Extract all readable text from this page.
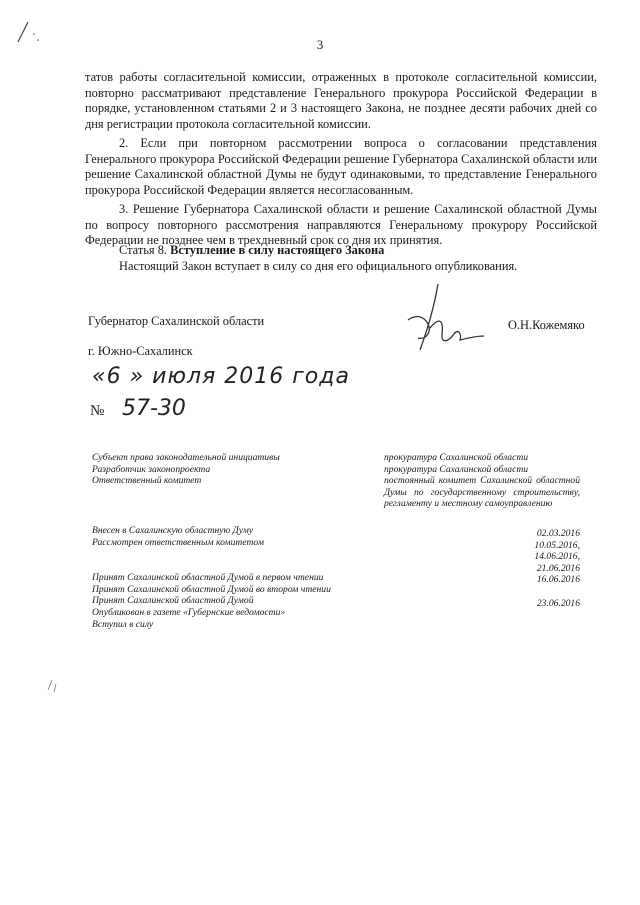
3

татов работы согласительной комиссии, отраженных в протоколе согласительной комиссии, повторно рассматривают представление Генерального прокурора Российской Федерации в порядке, установленном статьями 2 и 3 настоящего Закона, не позднее десяти рабочих дней со дня регистрации протокола согласительной комиссии.

2. Если при повторном рассмотрении вопроса о согласовании представления Генерального прокурора Российской Федерации решение Губернатора Сахалинской области или решение Сахалинской областной Думы не будут одинаковыми, то представление Генерального прокурора Российской Федерации является несогласованным.

3. Решение Губернатора Сахалинской области и решение Сахалинской областной Думы по вопросу повторного рассмотрения направляются Генеральному прокурору Российской Федерации не позднее чем в трехдневный срок со дня их принятия.

Статья 8. Вступление в силу настоящего Закона
Настоящий Закон вступает в силу со дня его официального опубликования.
Губернатор Сахалинской области	О.Н.Кожемяко
г. Южно-Сахалинск
«6 » июля 2016 года
№ 57-30
Субъект права законодательной инициативы
Разработчик законопроекта
Ответственный комитет
прокуратура Сахалинской области
прокуратура Сахалинской области
постоянный комитет Сахалинской областной Думы по государственному строительству, регламенту и местному самоуправлению
Внесен в Сахалинскую областную Думу
Рассмотрен ответственным комитетом
Принят Сахалинской областной Думой в первом чтении
Принят Сахалинской областной Думой во втором чтении
Принят Сахалинской областной Думой
Опубликован в газете «Губернские ведомости»
Вступил в силу
02.03.2016
10.05.2016,
14.06.2016,
21.06.2016
16.06.2016
23.06.2016
